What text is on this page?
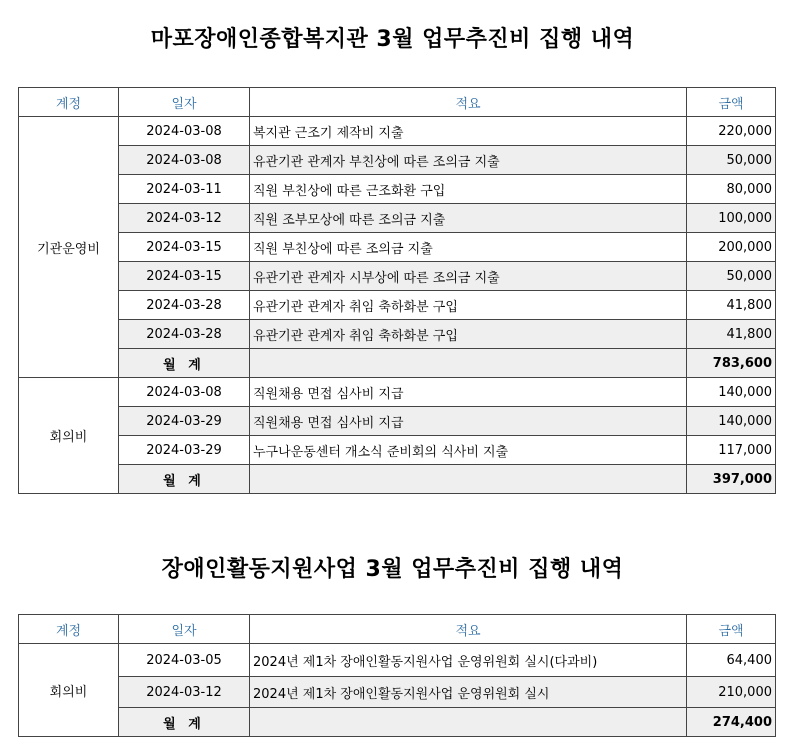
마포장애인종합복지관 3월 업무추진비 집행 내역
계정	일자	적요	금액
기관운영비	2024-03-08	복지관 근조기 제작비 지출	220,000
	2024-03-08	유관기관 관계자 부친상에 따른 조의금 지출	50,000
	2024-03-11	직원 부친상에 따른 근조화환 구입	80,000
	2024-03-12	직원 조부모상에 따른 조의금 지출	100,000
	2024-03-15	직원 부친상에 따른 조의금 지출	200,000
	2024-03-15	유관기관 관계자 시부상에 따른 조의금 지출	50,000
	2024-03-28	유관기관 관계자 취임 축하화분 구입	41,800
	2024-03-28	유관기관 관계자 취임 축하화분 구입	41,800
	월 계		783,600
회의비	2024-03-08	직원채용 면접 심사비 지급	140,000
	2024-03-29	직원채용 면접 심사비 지급	140,000
	2024-03-29	누구나운동센터 개소식 준비회의 식사비 지출	117,000
	월 계		397,000
장애인활동지원사업 3월 업무추진비 집행 내역
계정	일자	적요	금액
회의비	2024-03-05	2024년 제1차 장애인활동지원사업 운영위원회 실시(다과비)	64,400
	2024-03-12	2024년 제1차 장애인활동지원사업 운영위원회 실시	210,000
	월 계		274,400
